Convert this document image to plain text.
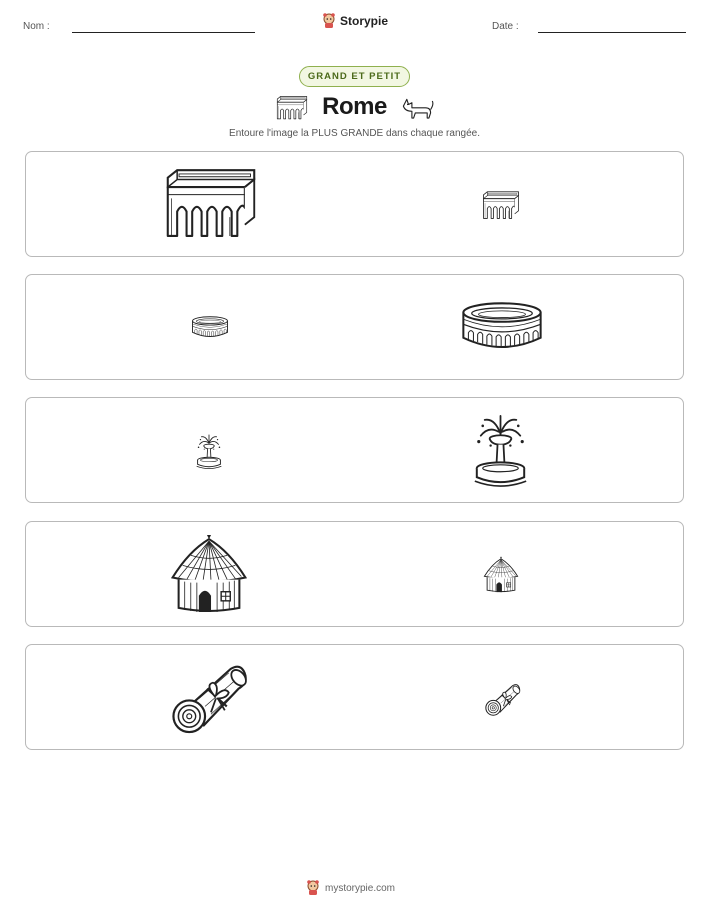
Nom :	Storypie	Date :
GRAND ET PETIT
Rome
Entoure l'image la PLUS GRANDE dans chaque rangée.
mystorypie.com
